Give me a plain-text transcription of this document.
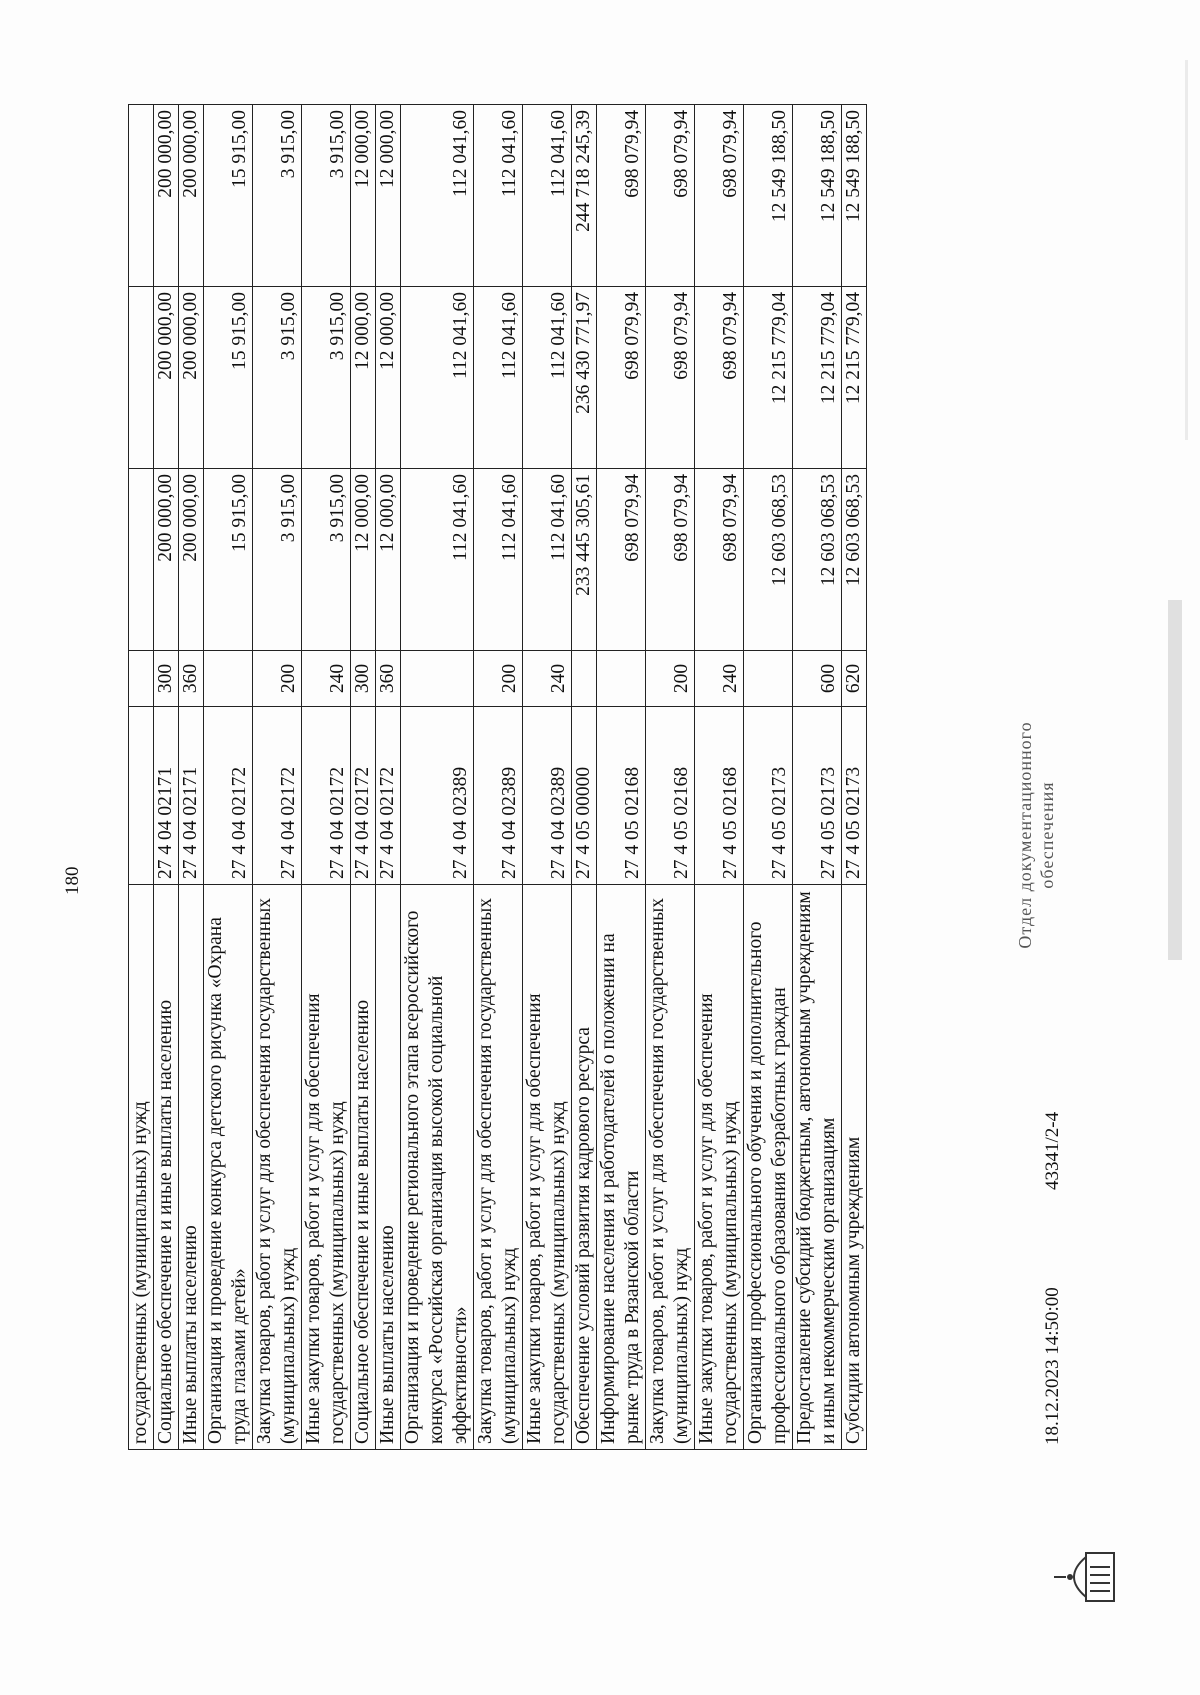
180
государственных (муниципальных) нужд					
Социальное обеспечение и иные выплаты населению	27 4 04 02171	300	200 000,00	200 000,00	200 000,00
Иные выплаты населению	27 4 04 02171	360	200 000,00	200 000,00	200 000,00
Организация и проведение конкурса детского рисунка «Охрана труда глазами детей»	27 4 04 02172		15 915,00	15 915,00	15 915,00
Закупка товаров, работ и услуг для обеспечения государственных (муниципальных) нужд	27 4 04 02172	200	3 915,00	3 915,00	3 915,00
Иные закупки товаров, работ и услуг для обеспечения государственных (муниципальных) нужд	27 4 04 02172	240	3 915,00	3 915,00	3 915,00
Социальное обеспечение и иные выплаты населению	27 4 04 02172	300	12 000,00	12 000,00	12 000,00
Иные выплаты населению	27 4 04 02172	360	12 000,00	12 000,00	12 000,00
Организация и проведение регионального этапа всероссийского конкурса «Российская организация высокой социальной эффективности»	27 4 04 02389		112 041,60	112 041,60	112 041,60
Закупка товаров, работ и услуг для обеспечения государственных (муниципальных) нужд	27 4 04 02389	200	112 041,60	112 041,60	112 041,60
Иные закупки товаров, работ и услуг для обеспечения государственных (муниципальных) нужд	27 4 04 02389	240	112 041,60	112 041,60	112 041,60
Обеспечение условий развития кадрового ресурса	27 4 05 00000		233 445 305,61	236 430 771,97	244 718 245,39
Информирование населения и работодателей о положении на рынке труда в Рязанской области	27 4 05 02168		698 079,94	698 079,94	698 079,94
Закупка товаров, работ и услуг для обеспечения государственных (муниципальных) нужд	27 4 05 02168	200	698 079,94	698 079,94	698 079,94
Иные закупки товаров, работ и услуг для обеспечения государственных (муниципальных) нужд	27 4 05 02168	240	698 079,94	698 079,94	698 079,94
Организация профессионального обучения и дополнительного профессионального образования безработных граждан	27 4 05 02173		12 603 068,53	12 215 779,04	12 549 188,50
Предоставление субсидий бюджетным, автономным учреждениям и иным некоммерческим организациям	27 4 05 02173	600	12 603 068,53	12 215 779,04	12 549 188,50
Субсидии автономным учреждениям	27 4 05 02173	620	12 603 068,53	12 215 779,04	12 549 188,50
18.12.2023 14:50:00
43341/2-4
Отдел документационного обеспечения
